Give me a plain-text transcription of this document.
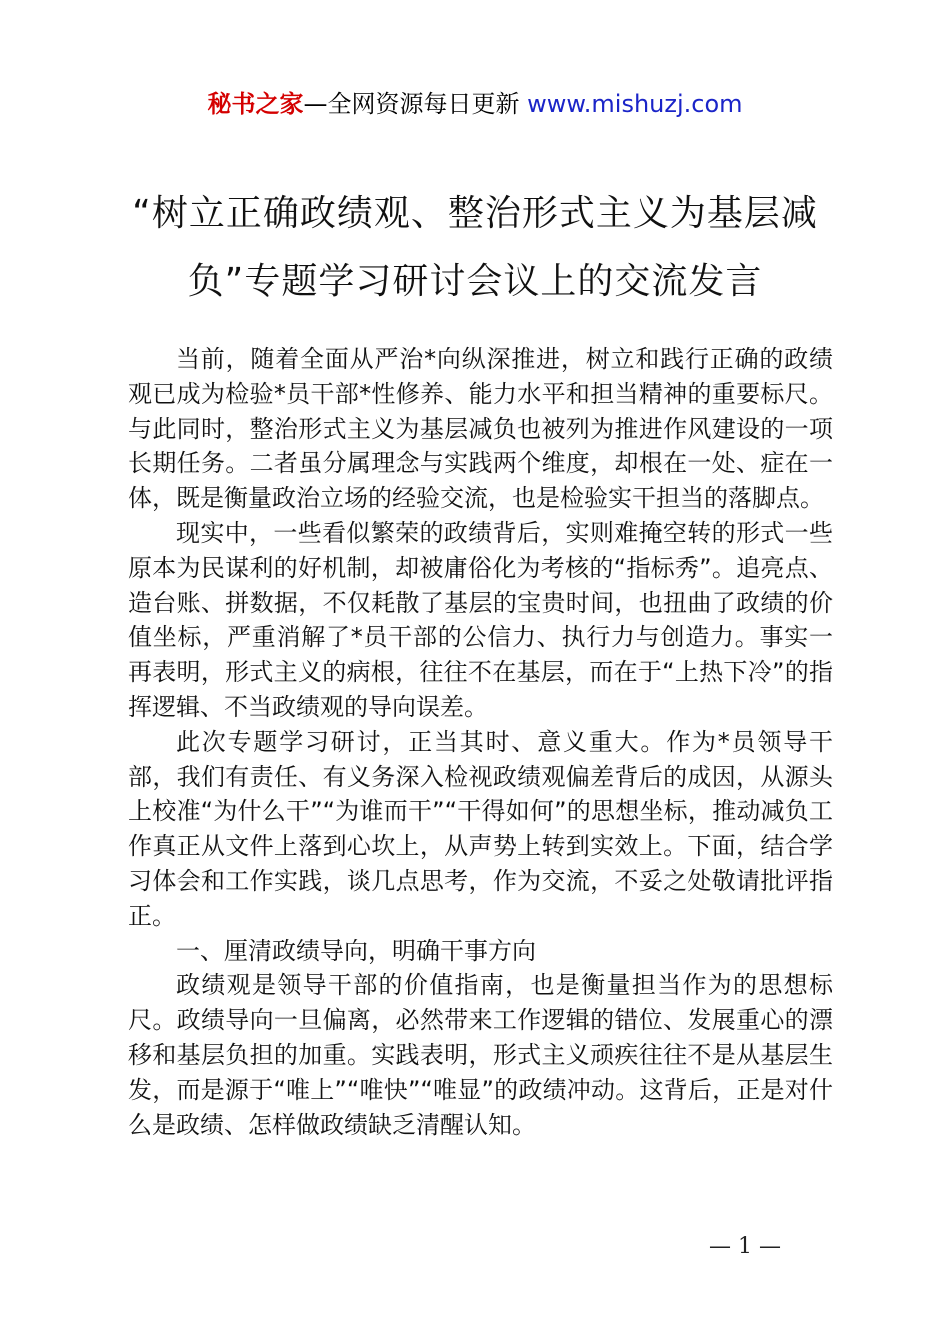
秘书之家—全网资源每日更新 www.mishuzj.com
“树立正确政绩观、整治形式主义为基层减
负”专题学习研讨会议上的交流发言

当前，随着全面从严治*向纵深推进，树立和践行正确的政绩观已成为检验*员干部*性修养、能力水平和担当精神的重要标尺。与此同时，整治形式主义为基层减负也被列为推进作风建设的一项长期任务。二者虽分属理念与实践两个维度，却根在一处、症在一体，既是衡量政治立场的经验交流，也是检验实干担当的落脚点。

现实中，一些看似繁荣的政绩背后，实则难掩空转的形式一些原本为民谋利的好机制，却被庸俗化为考核的“指标秀”。追亮点、造台账、拼数据，不仅耗散了基层的宝贵时间，也扭曲了政绩的价值坐标，严重消解了*员干部的公信力、执行力与创造力。事实一再表明，形式主义的病根，往往不在基层，而在于“上热下冷”的指挥逻辑、不当政绩观的导向误差。

此次专题学习研讨，正当其时、意义重大。作为*员领导干部，我们有责任、有义务深入检视政绩观偏差背后的成因，从源头上校准“为什么干”“为谁而干”“干得如何”的思想坐标，推动减负工作真正从文件上落到心坎上，从声势上转到实效上。下面，结合学习体会和工作实践，谈几点思考，作为交流，不妥之处敬请批评指正。

一、厘清政绩导向，明确干事方向

政绩观是领导干部的价值指南，也是衡量担当作为的思想标尺。政绩导向一旦偏离，必然带来工作逻辑的错位、发展重心的漂移和基层负担的加重。实践表明，形式主义顽疾往往不是从基层生发，而是源于“唯上”“唯快”“唯显”的政绩冲动。这背后，正是对什么是政绩、怎样做政绩缺乏清醒认知。

— 1 —
